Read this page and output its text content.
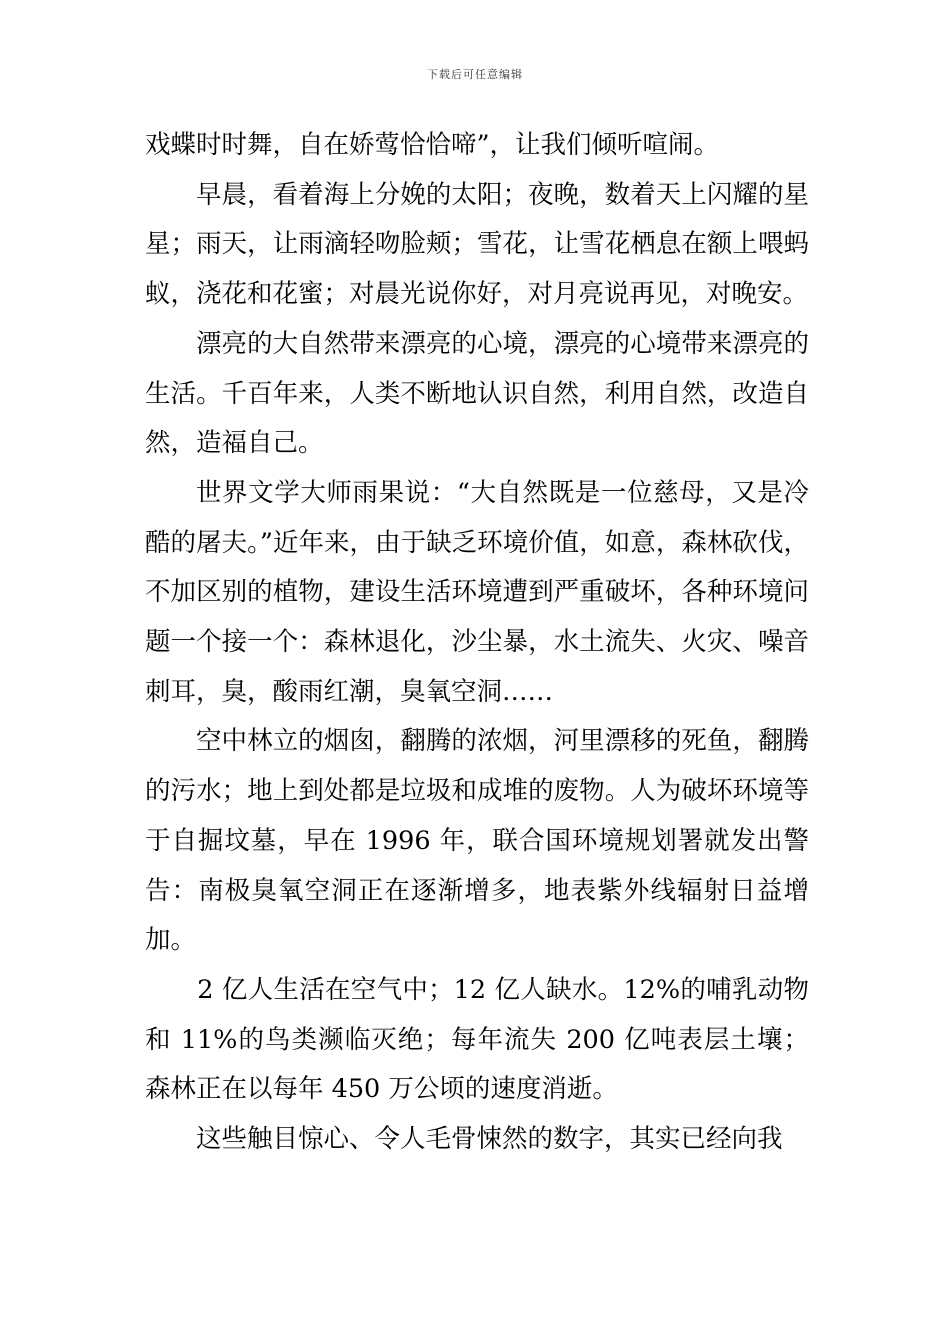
下载后可任意编辑

戏蝶时时舞，自在娇莺恰恰啼”，让我们倾听喧闹。

早晨，看着海上分娩的太阳；夜晚，数着天上闪耀的星星；雨天，让雨滴轻吻脸颊；雪花，让雪花栖息在额上喂蚂蚁，浇花和花蜜；对晨光说你好，对月亮说再见，对晚安。

漂亮的大自然带来漂亮的心境，漂亮的心境带来漂亮的生活。千百年来，人类不断地认识自然，利用自然，改造自然，造福自己。

世界文学大师雨果说：“大自然既是一位慈母，又是冷酷的屠夫。”近年来，由于缺乏环境价值，如意，森林砍伐，不加区别的植物，建设生活环境遭到严重破坏，各种环境问题一个接一个：森林退化，沙尘暴，水土流失、火灾、噪音刺耳，臭，酸雨红潮，臭氧空洞……

空中林立的烟囱，翻腾的浓烟，河里漂移的死鱼，翻腾的污水；地上到处都是垃圾和成堆的废物。人为破坏环境等于自掘坟墓，早在 1996 年，联合国环境规划署就发出警告：南极臭氧空洞正在逐渐增多，地表紫外线辐射日益增加。

2 亿人生活在空气中；12 亿人缺水。12%的哺乳动物和 11%的鸟类濒临灭绝；每年流失 200 亿吨表层土壤；森林正在以每年 450 万公顷的速度消逝。

这些触目惊心、令人毛骨悚然的数字，其实已经向我
